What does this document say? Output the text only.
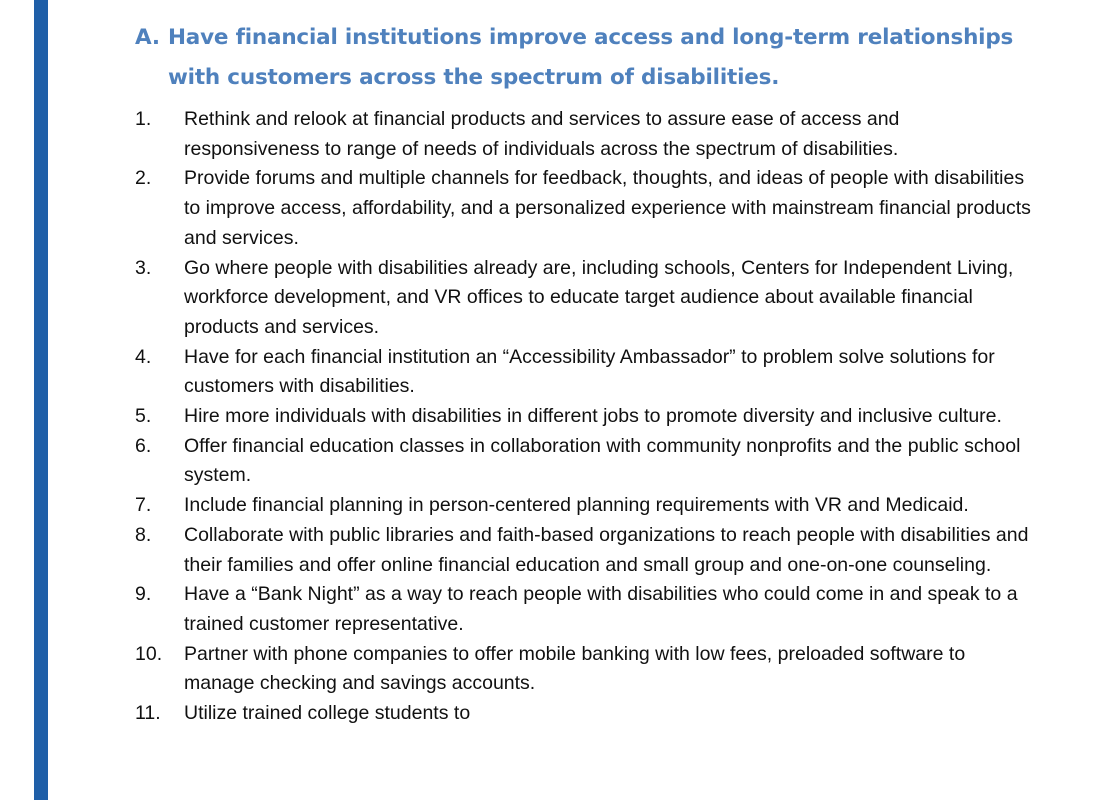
A. Have financial institutions improve access and long-term relationships
with customers across the spectrum of disabilities.
1. Rethink and relook at financial products and services to assure ease of access and responsiveness to range of needs of individuals across the spectrum of disabilities.
2. Provide forums and multiple channels for feedback, thoughts, and ideas of people with disabilities to improve access, affordability, and a personalized experience with mainstream financial products and services.
3. Go where people with disabilities already are, including schools, Centers for Independent Living, workforce development, and VR offices to educate target audience about available financial products and services.
4. Have for each financial institution an “Accessibility Ambassador” to problem solve solutions for customers with disabilities.
5. Hire more individuals with disabilities in different jobs to promote diversity and inclusive culture.
6. Offer financial education classes in collaboration with community nonprofits and the public school system.
7. Include financial planning in person-centered planning requirements with VR and Medicaid.
8. Collaborate with public libraries and faith-based organizations to reach people with disabilities and their families and offer online financial education and small group and one-on-one counseling.
9. Have a “Bank Night” as a way to reach people with disabilities who could come in and speak to a trained customer representative.
10. Partner with phone companies to offer mobile banking with low fees, preloaded software to manage checking and savings accounts.
11. Utilize trained college students to
